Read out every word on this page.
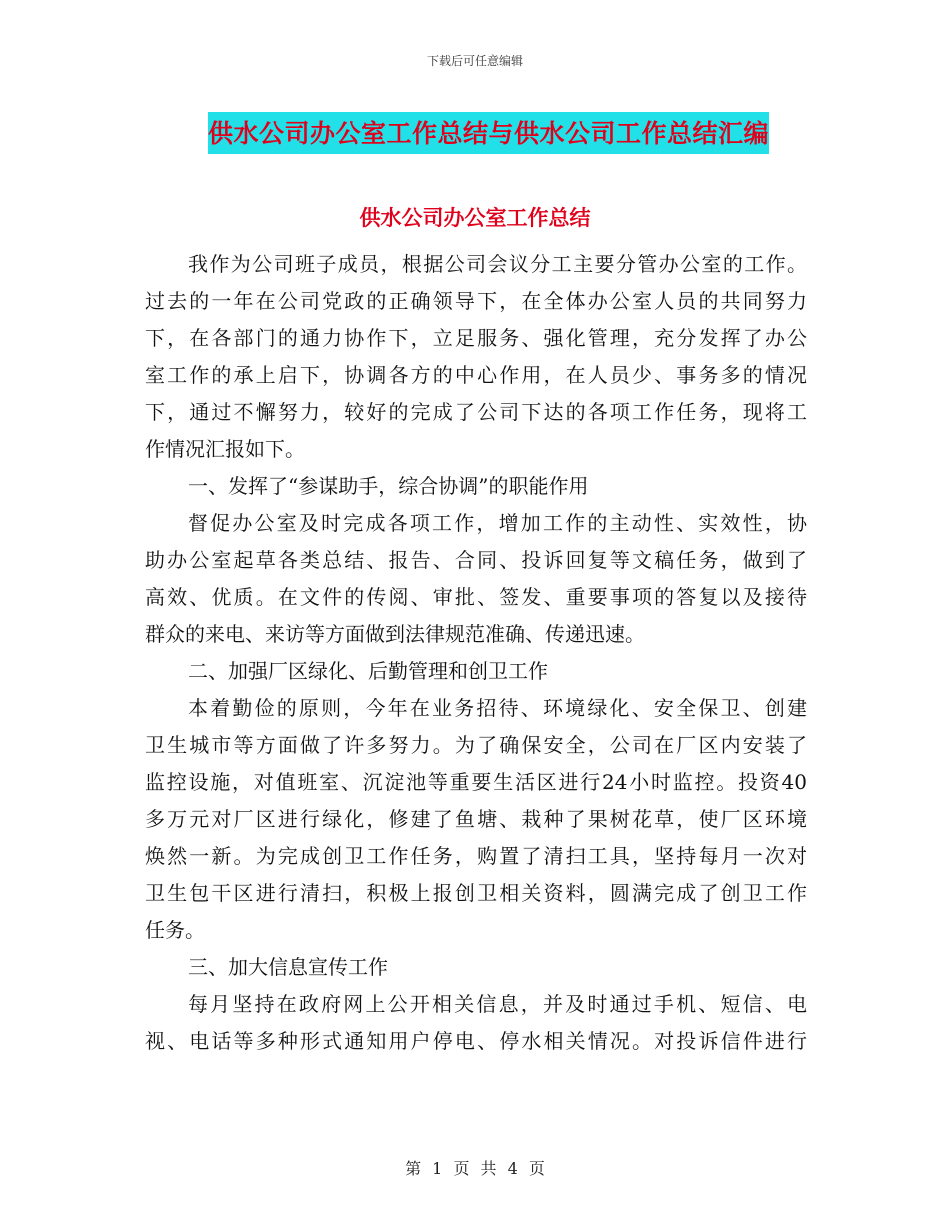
下载后可任意编辑
供水公司办公室工作总结与供水公司工作总结汇编
供水公司办公室工作总结
我作为公司班子成员，根据公司会议分工主要分管办公室的工作。
过去的一年在公司党政的正确领导下，在全体办公室人员的共同努力
下，在各部门的通力协作下，立足服务、强化管理，充分发挥了办公
室工作的承上启下，协调各方的中心作用，在人员少、事务多的情况
下，通过不懈努力，较好的完成了公司下达的各项工作任务，现将工
作情况汇报如下。
一、发挥了“参谋助手，综合协调”的职能作用
督促办公室及时完成各项工作，增加工作的主动性、实效性，协
助办公室起草各类总结、报告、合同、投诉回复等文稿任务，做到了
高效、优质。在文件的传阅、审批、签发、重要事项的答复以及接待
群众的来电、来访等方面做到法律规范准确、传递迅速。
二、加强厂区绿化、后勤管理和创卫工作
本着勤俭的原则，今年在业务招待、环境绿化、安全保卫、创建
卫生城市等方面做了许多努力。为了确保安全，公司在厂区内安装了
监控设施，对值班室、沉淀池等重要生活区进行24小时监控。投资40
多万元对厂区进行绿化，修建了鱼塘、栽种了果树花草，使厂区环境
焕然一新。为完成创卫工作任务，购置了清扫工具，坚持每月一次对
卫生包干区进行清扫，积极上报创卫相关资料，圆满完成了创卫工作
任务。
三、加大信息宣传工作
每月坚持在政府网上公开相关信息，并及时通过手机、短信、电
视、电话等多种形式通知用户停电、停水相关情况。对投诉信件进行
第 1 页 共 4 页
